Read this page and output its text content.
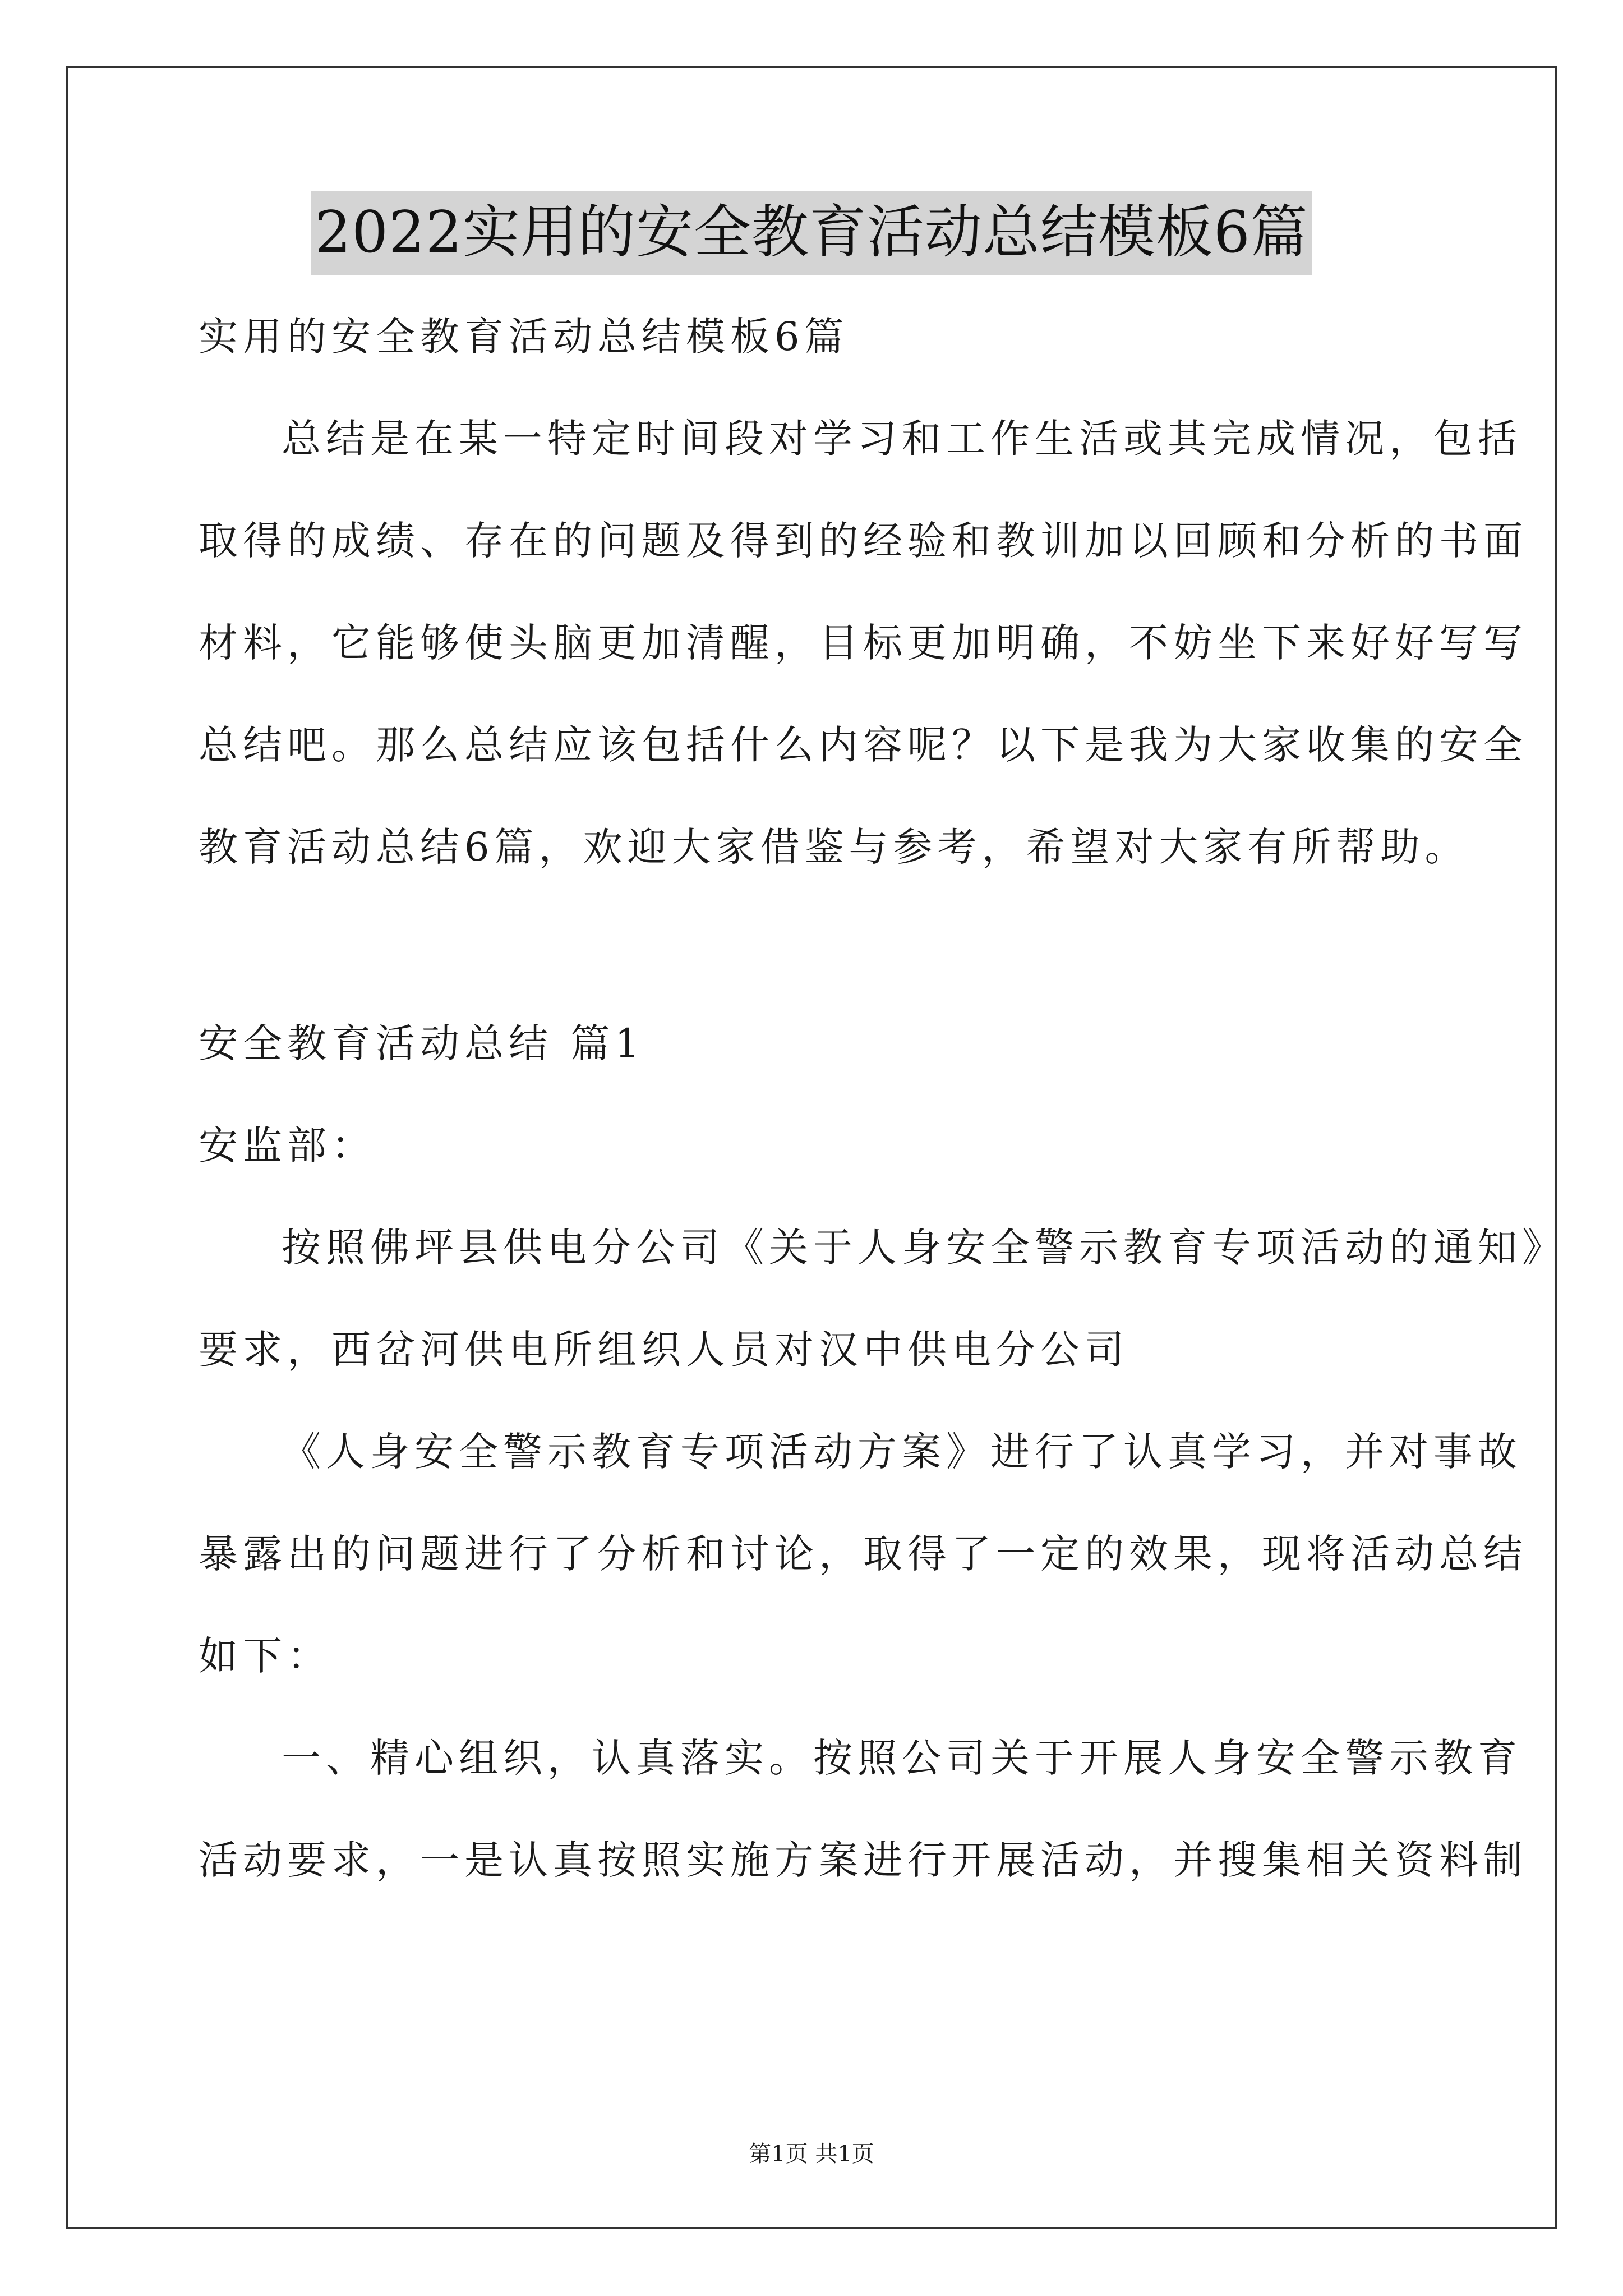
2022实用的安全教育活动总结模板6篇
实用的安全教育活动总结模板6篇
总结是在某一特定时间段对学习和工作生活或其完成情况，包括
取得的成绩、存在的问题及得到的经验和教训加以回顾和分析的书面
材料，它能够使头脑更加清醒，目标更加明确，不妨坐下来好好写写
总结吧。那么总结应该包括什么内容呢？以下是我为大家收集的安全
教育活动总结6篇，欢迎大家借鉴与参考，希望对大家有所帮助。
安全教育活动总结 篇1
安监部：
按照佛坪县供电分公司《关于人身安全警示教育专项活动的通知》
要求，西岔河供电所组织人员对汉中供电分公司
《人身安全警示教育专项活动方案》进行了认真学习，并对事故
暴露出的问题进行了分析和讨论，取得了一定的效果，现将活动总结
如下：
一、精心组织，认真落实。按照公司关于开展人身安全警示教育
活动要求，一是认真按照实施方案进行开展活动，并搜集相关资料制
第1页 共1页
